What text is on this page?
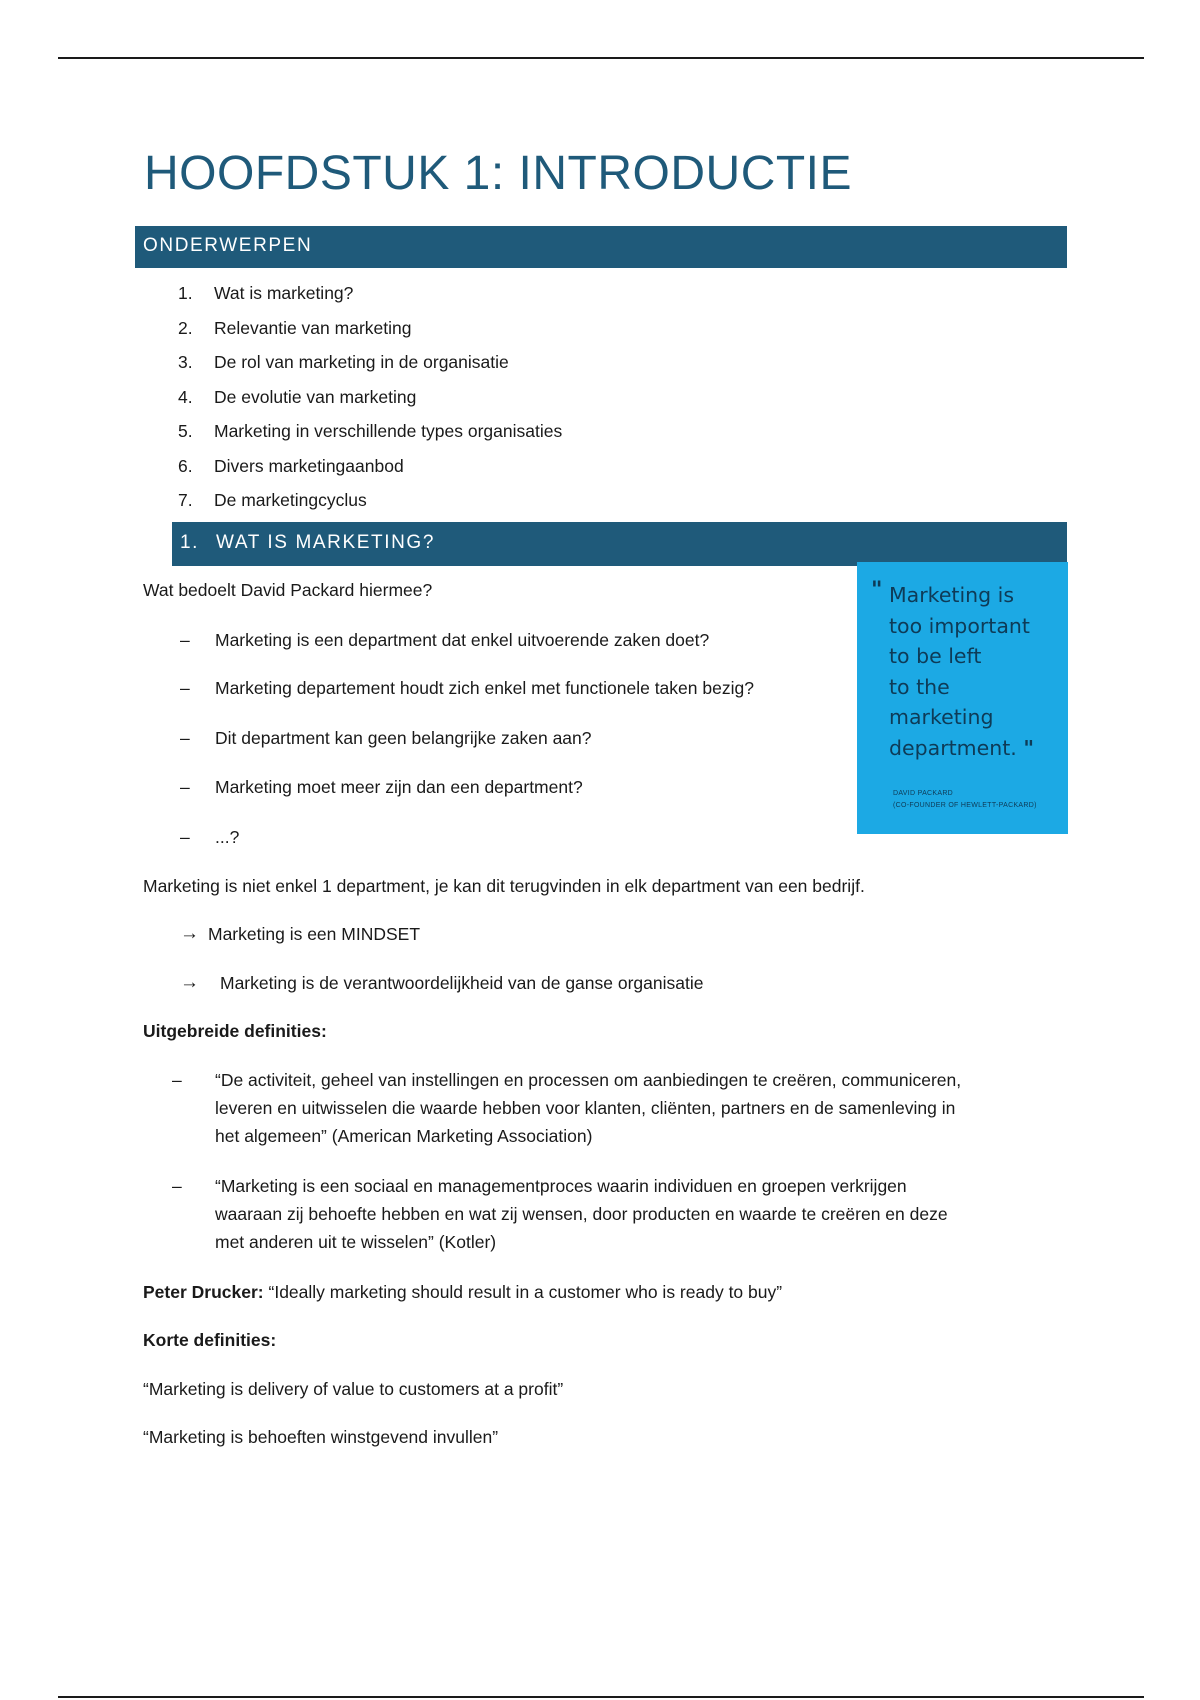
HOOFDSTUK 1: INTRODUCTIE
ONDERWERPEN
1. Wat is marketing?
2. Relevantie van marketing
3. De rol van marketing in de organisatie
4. De evolutie van marketing
5. Marketing in verschillende types organisaties
6. Divers marketingaanbod
7. De marketingcyclus
1. WAT IS MARKETING?
" Marketing is
too important
to be left
to the
marketing
department. "
DAVID PACKARD
(CO-FOUNDER OF HEWLETT-PACKARD)

Wat bedoelt David Packard hiermee?

– Marketing is een department dat enkel uitvoerende zaken doet?

– Marketing departement houdt zich enkel met functionele taken bezig?

– Dit department kan geen belangrijke zaken aan?

– Marketing moet meer zijn dan een department?

– ...?

Marketing is niet enkel 1 department, je kan dit terugvinden in elk department van een bedrijf.

→ Marketing is een MINDSET

→ Marketing is de verantwoordelijkheid van de ganse organisatie

Uitgebreide definities:

– “De activiteit, geheel van instellingen en processen om aanbiedingen te creëren, communiceren,
leveren en uitwisselen die waarde hebben voor klanten, cliënten, partners en de samenleving in
het algemeen” (American Marketing Association)
– “Marketing is een sociaal en managementproces waarin individuen en groepen verkrijgen
waaraan zij behoefte hebben en wat zij wensen, door producten en waarde te creëren en deze
met anderen uit te wisselen” (Kotler)

Peter Drucker: “Ideally marketing should result in a customer who is ready to buy”

Korte definities:

“Marketing is delivery of value to customers at a profit”

“Marketing is behoeften winstgevend invullen”
